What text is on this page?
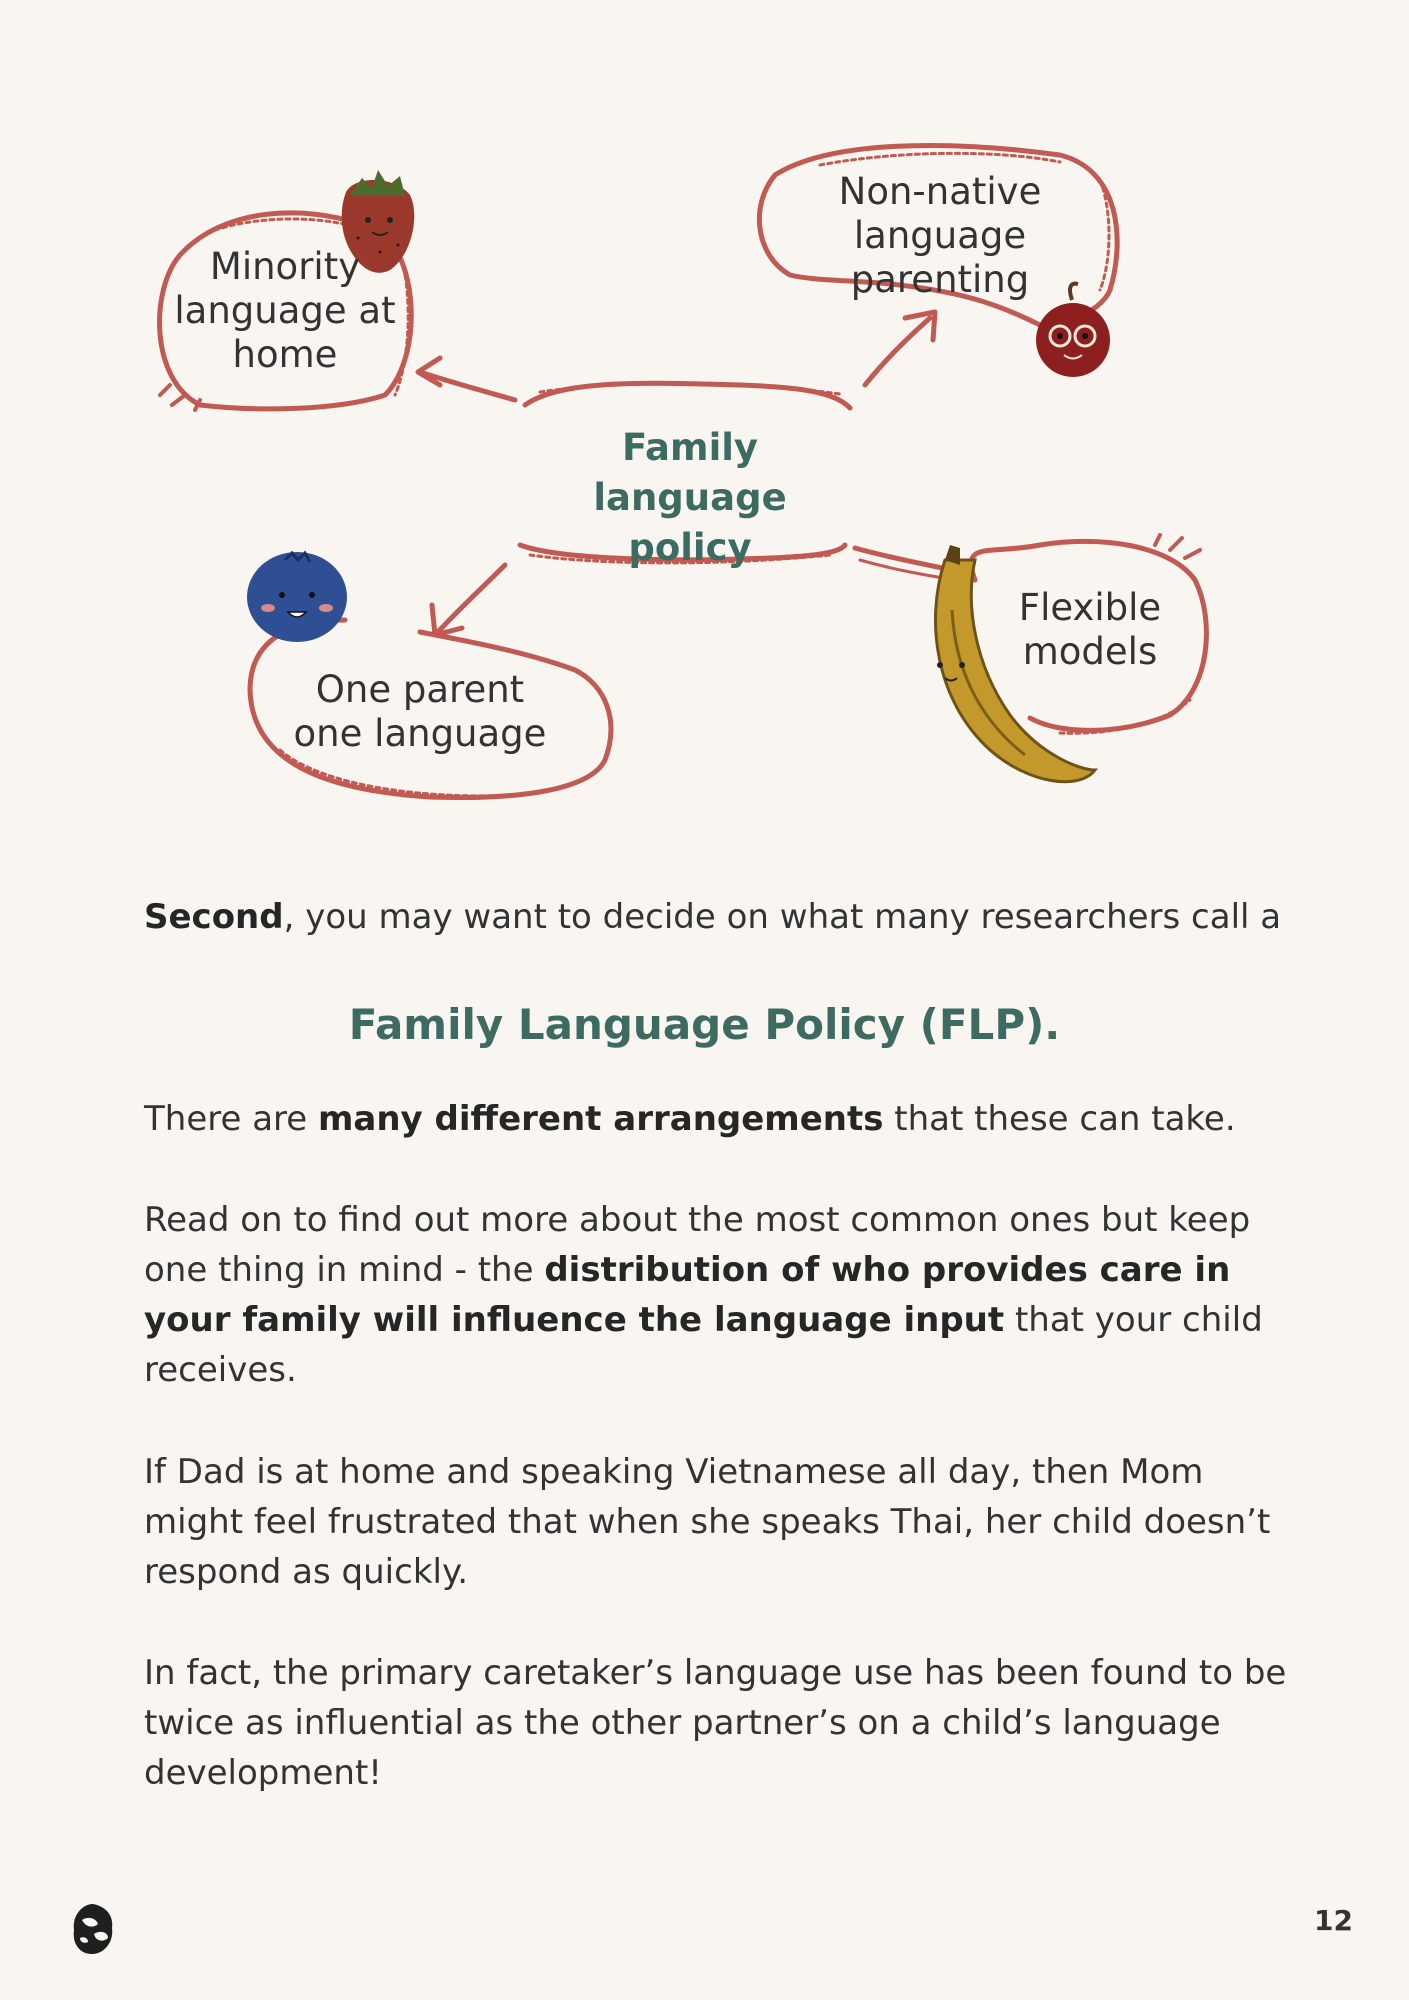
Minority
language at
home
Non-native
language parenting
Family language
policy
One parent
one language
Flexible
models

Second, you may want to decide on what many researchers call a

Family Language Policy (FLP).

There are many different arrangements that these can take.

Read on to find out more about the most common ones but keep one thing in mind - the distribution of who provides care in your family will influence the language input that your child receives.

If Dad is at home and speaking Vietnamese all day, then Mom might feel frustrated that when she speaks Thai, her child doesn’t respond as quickly.

In fact, the primary caretaker’s language use has been found to be twice as influential as the other partner’s on a child’s language development!

12
